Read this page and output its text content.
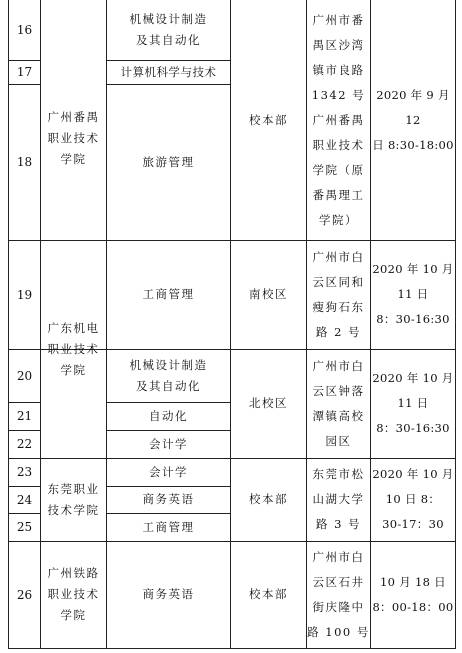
16
17
18
19
20
21
22
23
24
25
26
广州番禺
职业技术
学院
广东机电
职业技术
学院
东莞职业
技术学院
广州铁路
职业技术
学院
机械设计制造
及其自动化
计算机科学与技术
旅游管理
工商管理
机械设计制造
及其自动化
自动化
会计学
会计学
商务英语
工商管理
商务英语
校本部
南校区
北校区
校本部
校本部
广州市番
禺区沙湾
镇市良路
1342 号
广州番禺
职业技术
学院（原
番禺理工
学院）
广州市白
云区同和
瘦狗石东
路 2 号
广州市白
云区钟落
潭镇高校
园区
东莞市松
山湖大学
路 3 号
广州市白
云区石井
街庆隆中
路 100 号
2020 年 9 月 12
日 8:30-18:00
2020 年 10 月
11 日
8：30-16:30
2020 年 10 月
11 日
8：30-16:30
2020 年 10 月
10 日 8：
30-17：30
10 月 18 日
8：00-18：00
